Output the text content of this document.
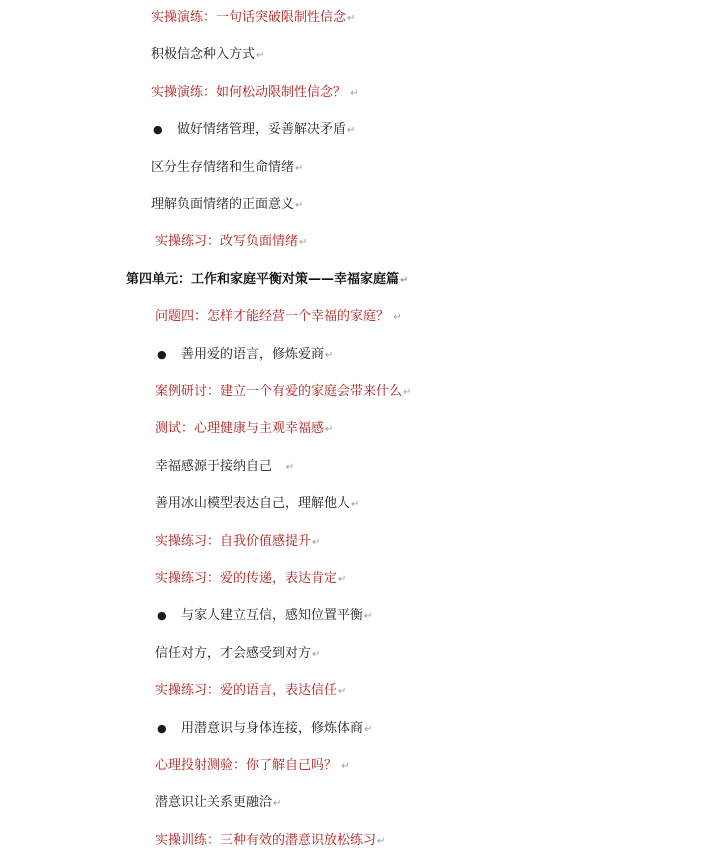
实操演练：一句话突破限制性信念↵
积极信念种入方式↵
实操演练：如何松动限制性信念？ ↵
● 做好情绪管理，妥善解决矛盾↵
区分生存情绪和生命情绪↵
理解负面情绪的正面意义↵
实操练习：改写负面情绪↵
第四单元：工作和家庭平衡对策——幸福家庭篇↵
问题四：怎样才能经营一个幸福的家庭？ ↵
● 善用爱的语言，修炼爱商↵
案例研讨：建立一个有爱的家庭会带来什么↵
测试：心理健康与主观幸福感↵
幸福感源于接纳自己    ↵
善用冰山模型表达自己，理解他人↵
实操练习：自我价值感提升↵
实操练习：爱的传递，表达肯定↵
● 与家人建立互信，感知位置平衡↵
信任对方，才会感受到对方↵
实操练习：爱的语言，表达信任↵
● 用潜意识与身体连接，修炼体商↵
心理投射测验：你了解自己吗？ ↵
潜意识让关系更融洽↵
实操训练：三种有效的潜意识放松练习↵
